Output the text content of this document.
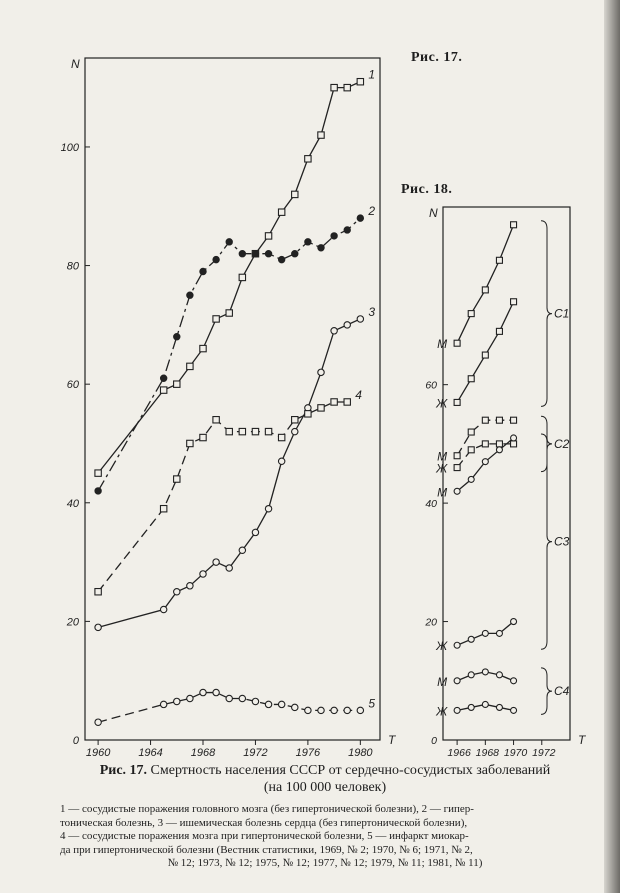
Рис. 17.

Рис. 18.

1960	1964	1968	1972	1976	1980
0
20
40
60
80
100
N
T
1
2
3
4
5
1966 1968 1970 1972
0
20
40
60
N
T
М
Ж
М
Ж
М
Ж
М
Ж
C1
C2
C3
C4

Рис. 17. Смертность населения СССР от сердечно-сосудистых заболеваний
(на 100 000 человек)

1 — сосудистые поражения головного мозга (без гипертонической болезни), 2 — гипер-
тоническая болезнь, 3 — ишемическая болезнь сердца (без гипертонической болезни),
4 — сосудистые поражения мозга при гипертонической болезни, 5 — инфаркт миокар-
да при гипертонической болезни (Вестник статистики, 1969, № 2; 1970, № 6; 1971, № 2,
№ 12; 1973, № 12; 1975, № 12; 1977, № 12; 1979, № 11; 1981, № 11)
